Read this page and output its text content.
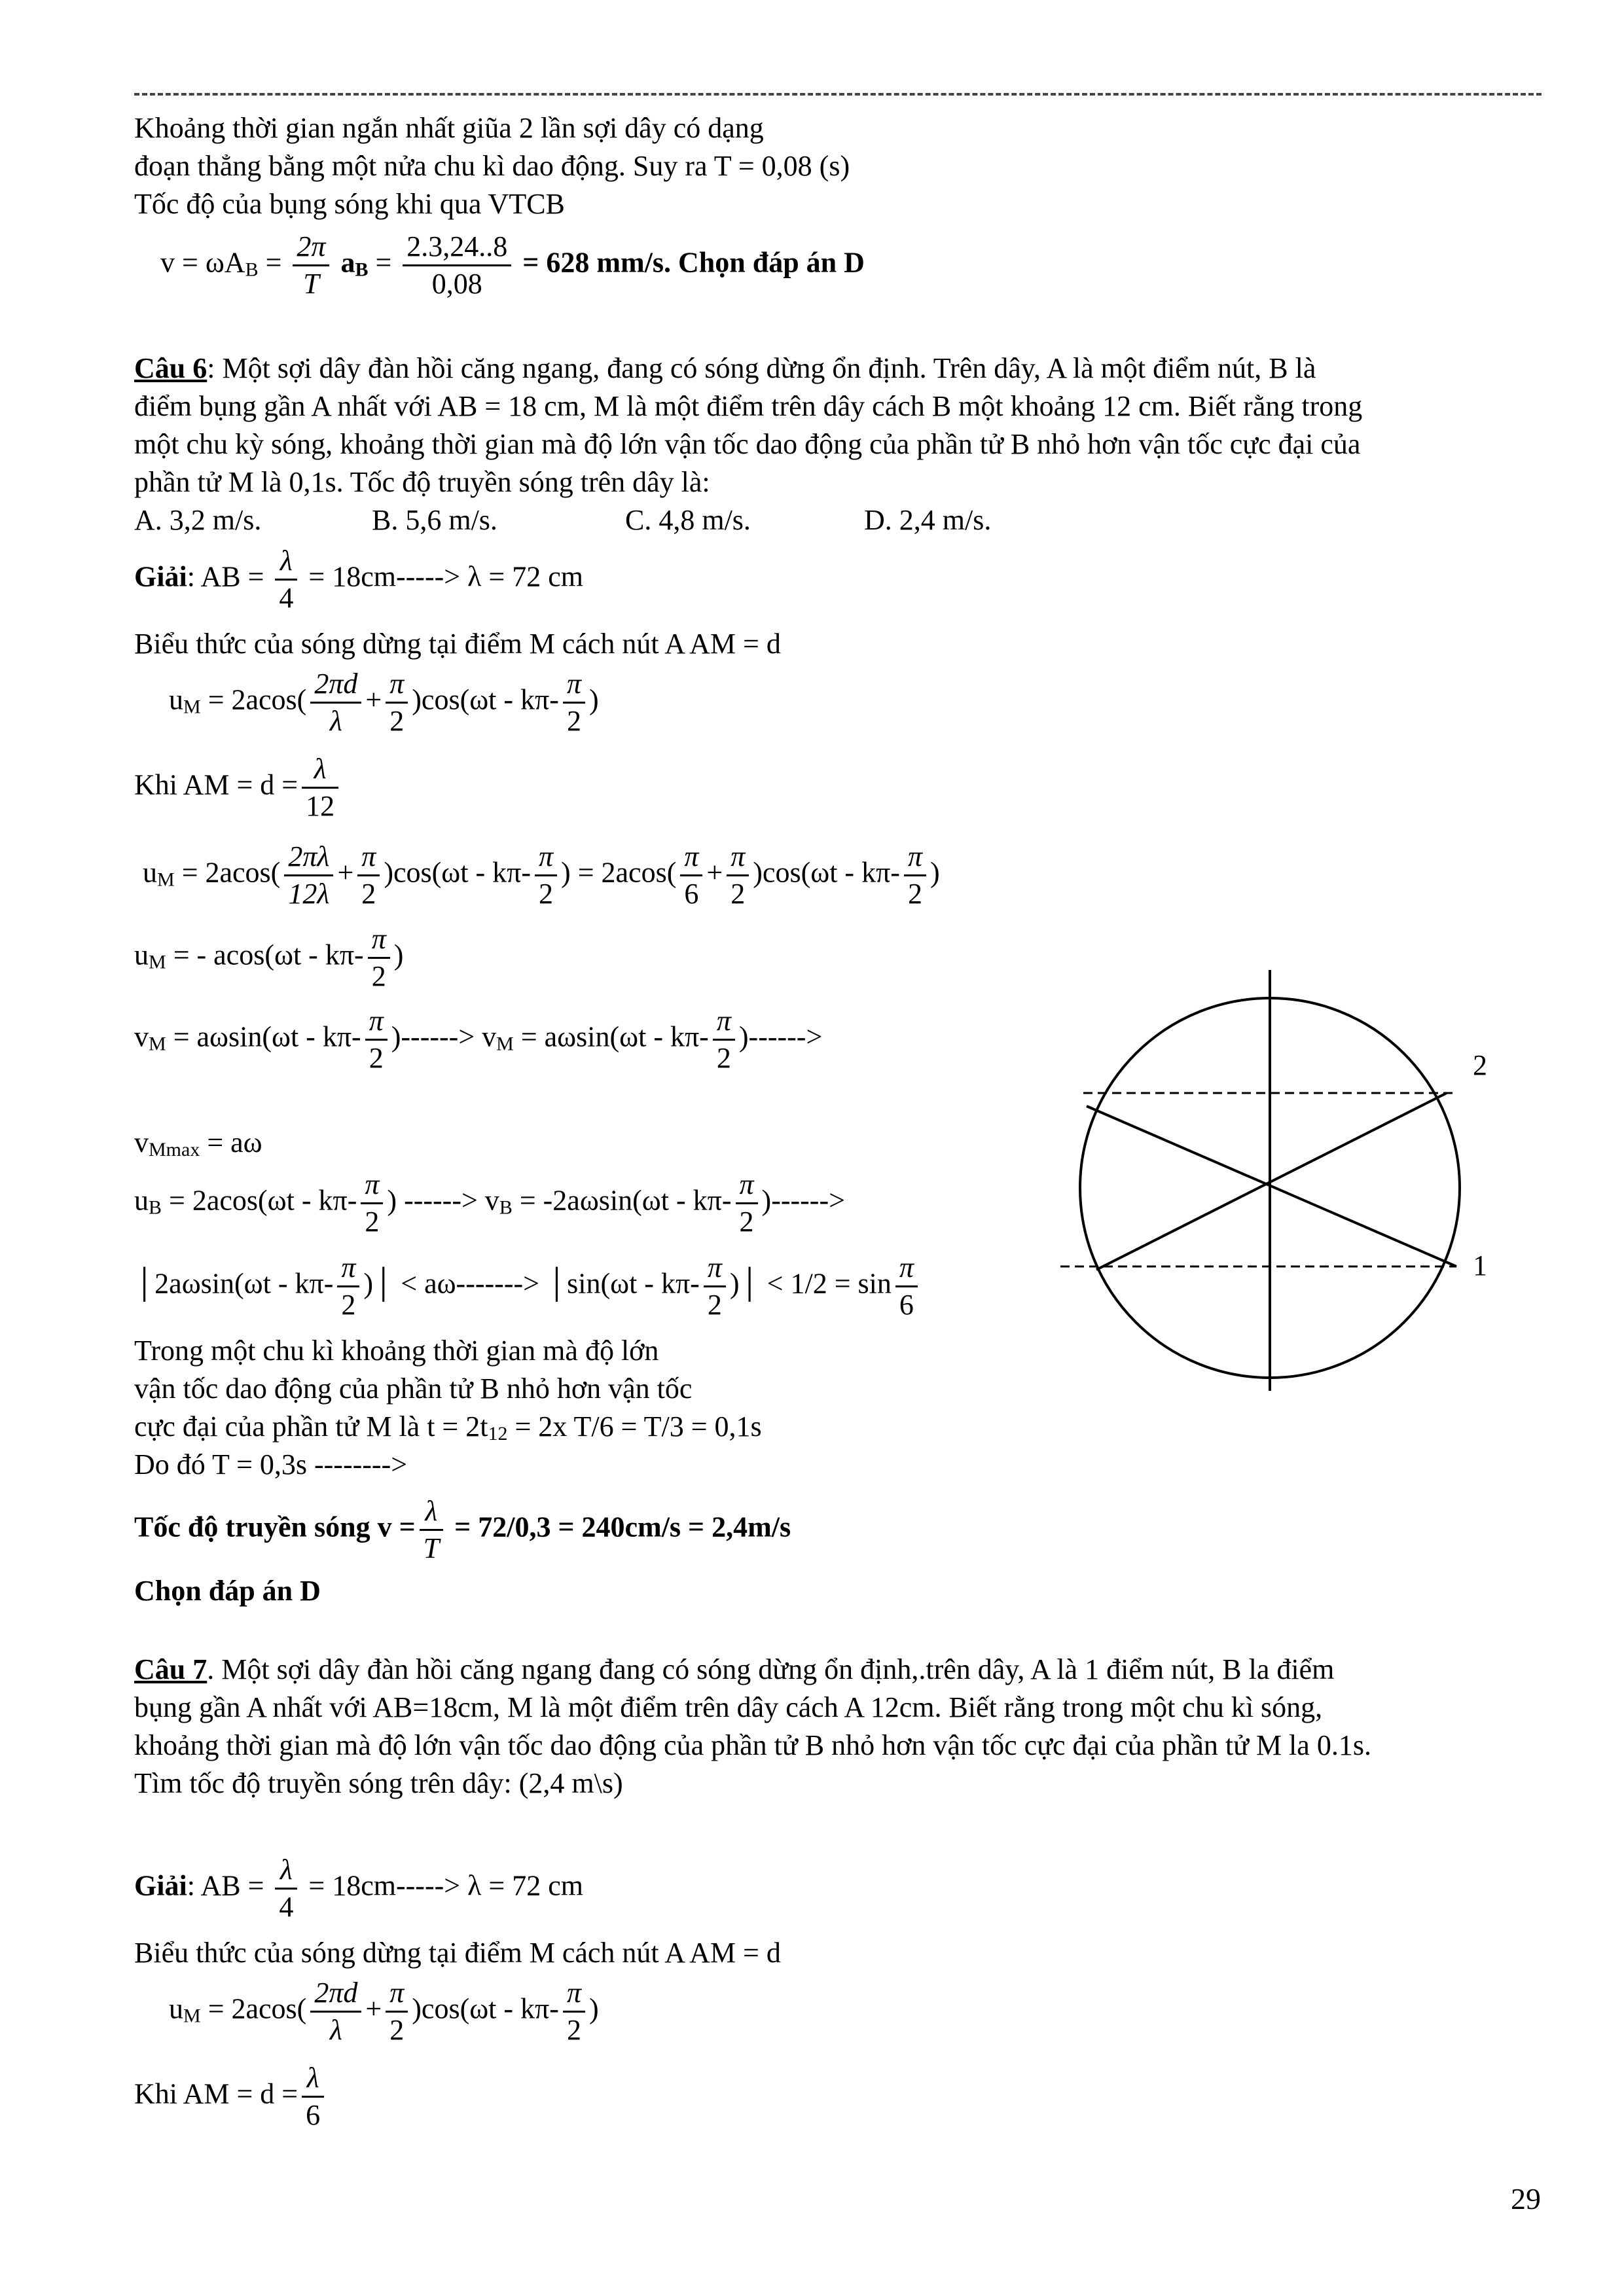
Khoảng thời gian ngắn nhất giũa 2 lần sợi dây có dạng
đoạn thẳng bằng một nửa chu kì dao động. Suy ra T = 0,08 (s)
Tốc độ của bụng sóng khi qua VTCB
$v = \omega A_B = \frac{2\pi}{T} a_B = \frac{2.3,24..8}{0,08} = 628$ mm/s. Chọn đáp án D
Câu 6: Một sợi dây đàn hồi căng ngang, đang có sóng dừng ổn định. Trên dây, A là một điểm nút, B là
điểm bụng gần A nhất với AB = 18 cm, M là một điểm trên dây cách B một khoảng 12 cm. Biết rằng trong
một chu kỳ sóng, khoảng thời gian mà độ lớn vận tốc dao động của phần tử B nhỏ hơn vận tốc cực đại của
phần tử M là 0,1s. Tốc độ truyền sóng trên dây là:
A. 3,2 m/s.	B. 5,6 m/s.	C. 4,8 m/s.	D. 2,4 m/s.
Giải: AB = $\frac{\lambda}{4} = 18cm-----> \lambda = 72$ cm
Biểu thức của sóng dừng tại điểm M cách nút A AM = d
$u_M = 2acos( \frac{2\pi d}{\lambda} + \frac{\pi}{2} )\cos(\omega t - k\pi- \frac{\pi}{2}$ )
Khi AM = $d = \frac{\lambda}{12}$
$u_M = 2acos( \frac{2\pi\lambda}{12\lambda} + \frac{\pi}{2} )\cos(\omega t - k\pi- \frac{\pi}{2}$ ) = $2acos( \frac{\pi}{6} + \frac{\pi}{2} )\cos(\omega t - k\pi- \frac{\pi}{2}$ )
$u_M$ = - $acos(\omega t - k\pi- \frac{\pi}{2}$ )
$v_M = a\omega\sin(\omega t - k\pi- \frac{\pi}{2}$ )------> $v_M = a\omega\sin(\omega t - k\pi- \frac{\pi}{2}$ )------>
$v_{Mmax} = a\omega$
$u_B = 2acos(\omega t - k\pi- \frac{\pi}{2}$ ) ------> $v_B = -2a\omega\sin(\omega t - k\pi- \frac{\pi}{2}$ )------>
│2aωsin(ωt - $k\pi- \frac{\pi}{2}$ )│ < aω-------> │sin(ωt - $k\pi- \frac{\pi}{2}$ )│ < $1/2 = \sin \frac{\pi}{6}$
Trong một chu kì khoảng thời gian mà độ lớn
vận tốc dao động của phần tử B nhỏ hơn vận tốc
cực đại của phần tử M là $t = 2t_{12} = 2x$ T/6 = T/3 = 0,1s
Do đó T = 0,3s -------->
Tốc độ truyền sóng $v = \frac{\lambda}{T} = 72/0,3 = 240cm/s = 2,4m/s$
Chọn đáp án D
2
1
Câu 7. Một sợi dây đàn hồi căng ngang đang có sóng dừng ổn định,.trên dây, A là 1 điểm nút, B la điểm
bụng gần A nhất với AB=18cm, M là một điểm trên dây cách A 12cm. Biết rằng trong một chu kì sóng,
khoảng thời gian mà độ lớn vận tốc dao động của phần tử B nhỏ hơn vận tốc cực đại của phần tử M la 0.1s.
Tìm tốc độ truyền sóng trên dây: (2,4 m\s)
Giải: AB = $\frac{\lambda}{4} = 18cm-----> \lambda = 72$ cm
Biểu thức của sóng dừng tại điểm M cách nút A AM = d
$u_M = 2acos( \frac{2\pi d}{\lambda} + \frac{\pi}{2} )\cos(\omega t - k\pi- \frac{\pi}{2}$ )
Khi AM = $d = \frac{\lambda}{6}$
29
